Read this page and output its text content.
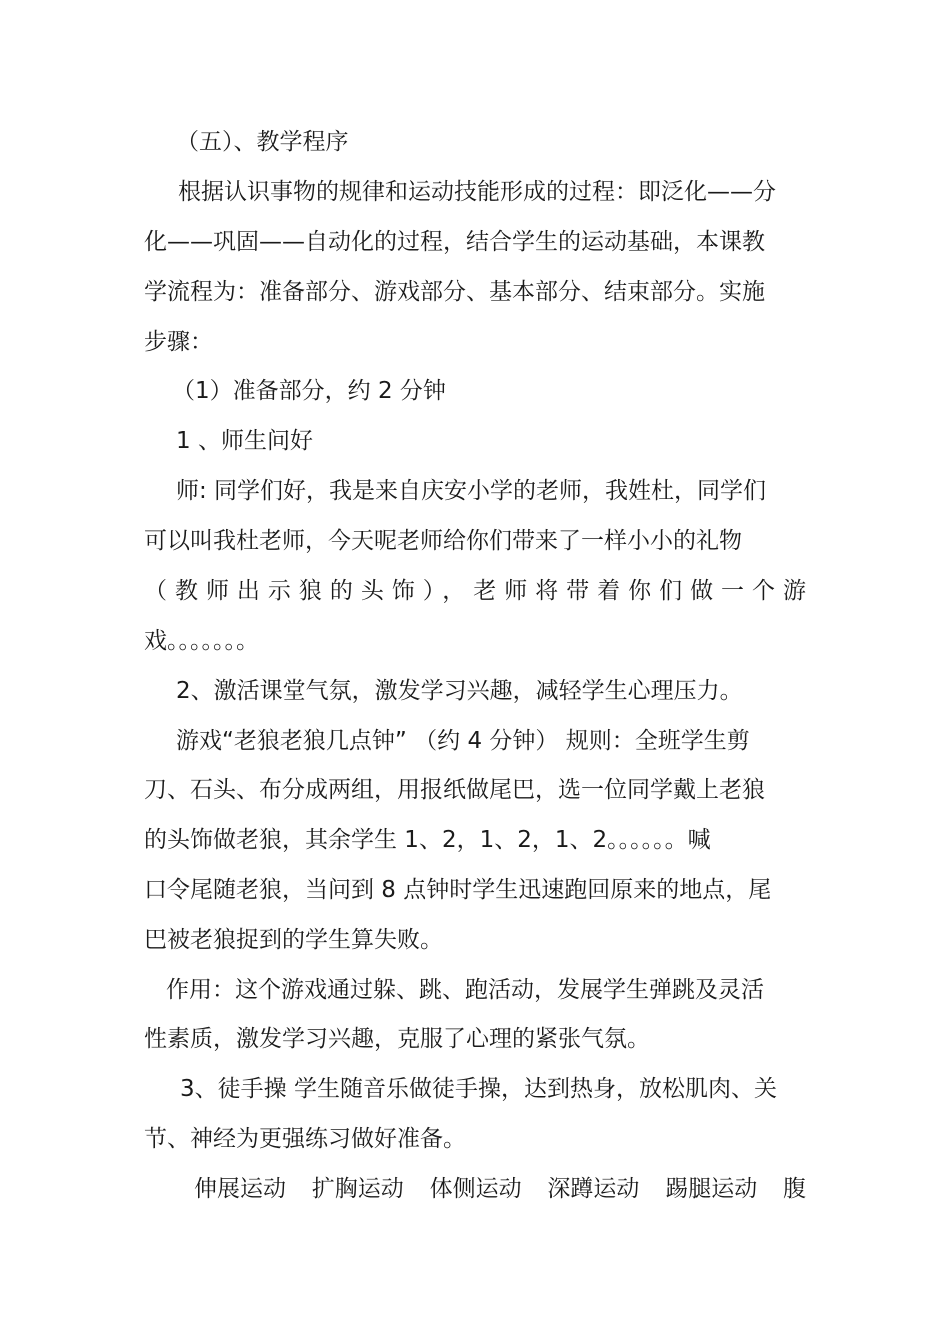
（五）、教学程序
根据认识事物的规律和运动技能形成的过程：即泛化——分
化——巩固——自动化的过程，结合学生的运动基础，本课教
学流程为：准备部分、游戏部分、基本部分、结束部分。实施
步骤：
（1）准备部分，约 2 分钟
1 、师生问好
师: 同学们好，我是来自庆安小学的老师，我姓杜，同学们
可以叫我杜老师，今天呢老师给你们带来了一样小小的礼物
（教师出示狼的头饰），老师将带着你们做一个游
戏。。。。。。。
2、激活课堂气氛，激发学习兴趣，减轻学生心理压力。
游戏“老狼老狼几点钟” （约 4 分钟） 规则：全班学生剪
刀、石头、布分成两组，用报纸做尾巴，选一位同学戴上老狼
的头饰做老狼，其余学生 1、2，1、2，1、2。。。。。。喊
口令尾随老狼，当问到 8 点钟时学生迅速跑回原来的地点，尾
巴被老狼捉到的学生算失败。
作用：这个游戏通过躲、跳、跑活动，发展学生弹跳及灵活
性素质，激发学习兴趣，克服了心理的紧张气氛。
3、徒手操 学生随音乐做徒手操，达到热身，放松肌肉、关
节、神经为更强练习做好准备。
伸展运动 扩胸运动 体侧运动 深蹲运动 踢腿运动 腹
